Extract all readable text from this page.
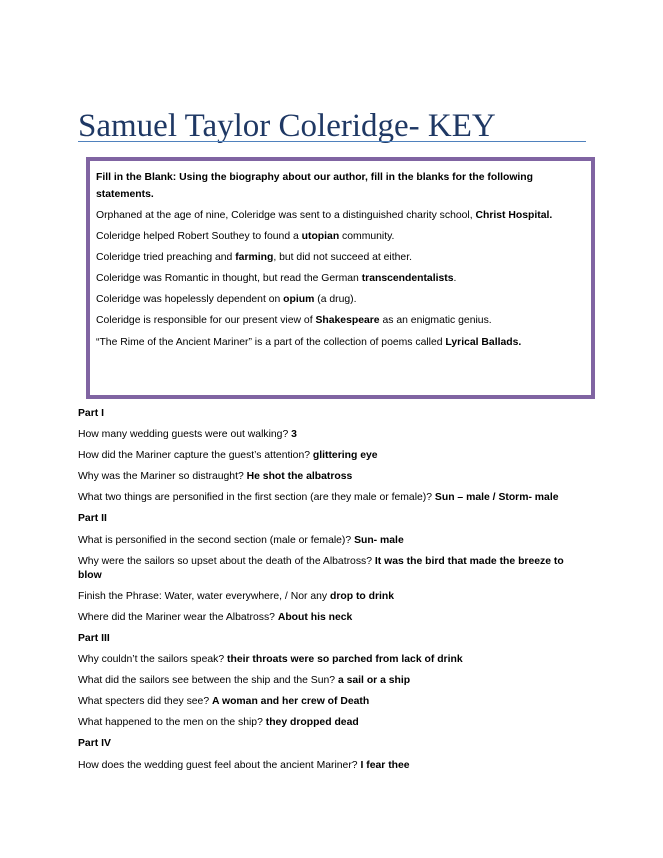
Samuel Taylor Coleridge- KEY
Fill in the Blank: Using the biography about our author, fill in the blanks for the following statements.
Orphaned at the age of nine, Coleridge was sent to a distinguished charity school, Christ Hospital.
Coleridge helped Robert Southey to found a utopian community.
Coleridge tried preaching and farming, but did not succeed at either.
Coleridge was Romantic in thought, but read the German transcendentalists.
Coleridge was hopelessly dependent on opium (a drug).
Coleridge is responsible for our present view of Shakespeare as an enigmatic genius.
“The Rime of the Ancient Mariner” is a part of the collection of poems called Lyrical Ballads.
Part I
How many wedding guests were out walking? 3
How did the Mariner capture the guest’s attention? glittering eye
Why was the Mariner so distraught? He shot the albatross
What two things are personified in the first section (are they male or female)? Sun – male / Storm- male
Part II
What is personified in the second section (male or female)? Sun- male
Why were the sailors so upset about the death of the Albatross? It was the bird that made the breeze to blow
Finish the Phrase: Water, water everywhere, / Nor any drop to drink
Where did the Mariner wear the Albatross? About his neck
Part III
Why couldn’t the sailors speak? their throats were so parched from lack of drink
What did the sailors see between the ship and the Sun? a sail or a ship
What specters did they see? A woman and her crew of Death
What happened to the men on the ship? they dropped dead
Part IV
How does the wedding guest feel about the ancient Mariner? I fear thee
